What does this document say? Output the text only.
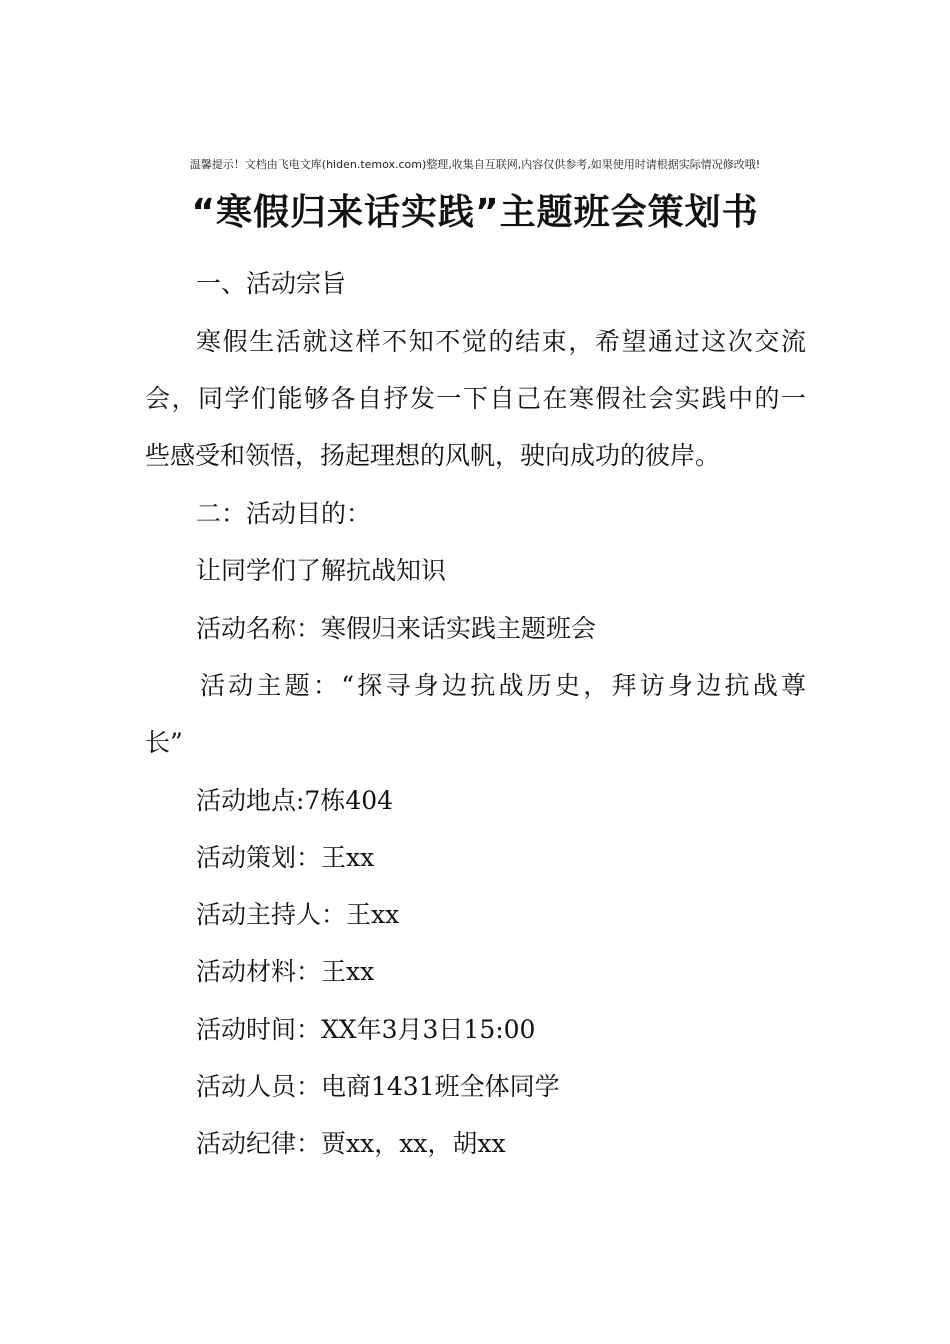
温馨提示！文档由飞电文库(hiden.temox.com)整理,收集自互联网,内容仅供参考,如果使用时请根据实际情况修改哦!
“寒假归来话实践”主题班会策划书
一、活动宗旨
寒假生活就这样不知不觉的结束，希望通过这次交流
会，同学们能够各自抒发一下自己在寒假社会实践中的一
些感受和领悟，扬起理想的风帆，驶向成功的彼岸。
二：活动目的：
让同学们了解抗战知识
活动名称：寒假归来话实践主题班会
活动主题：“探寻身边抗战历史，拜访身边抗战尊
长”
活动地点:7栋404
活动策划：王xx
活动主持人：王xx
活动材料：王xx
活动时间：XX年3月3日15:00
活动人员：电商1431班全体同学
活动纪律：贾xx，xx，胡xx
